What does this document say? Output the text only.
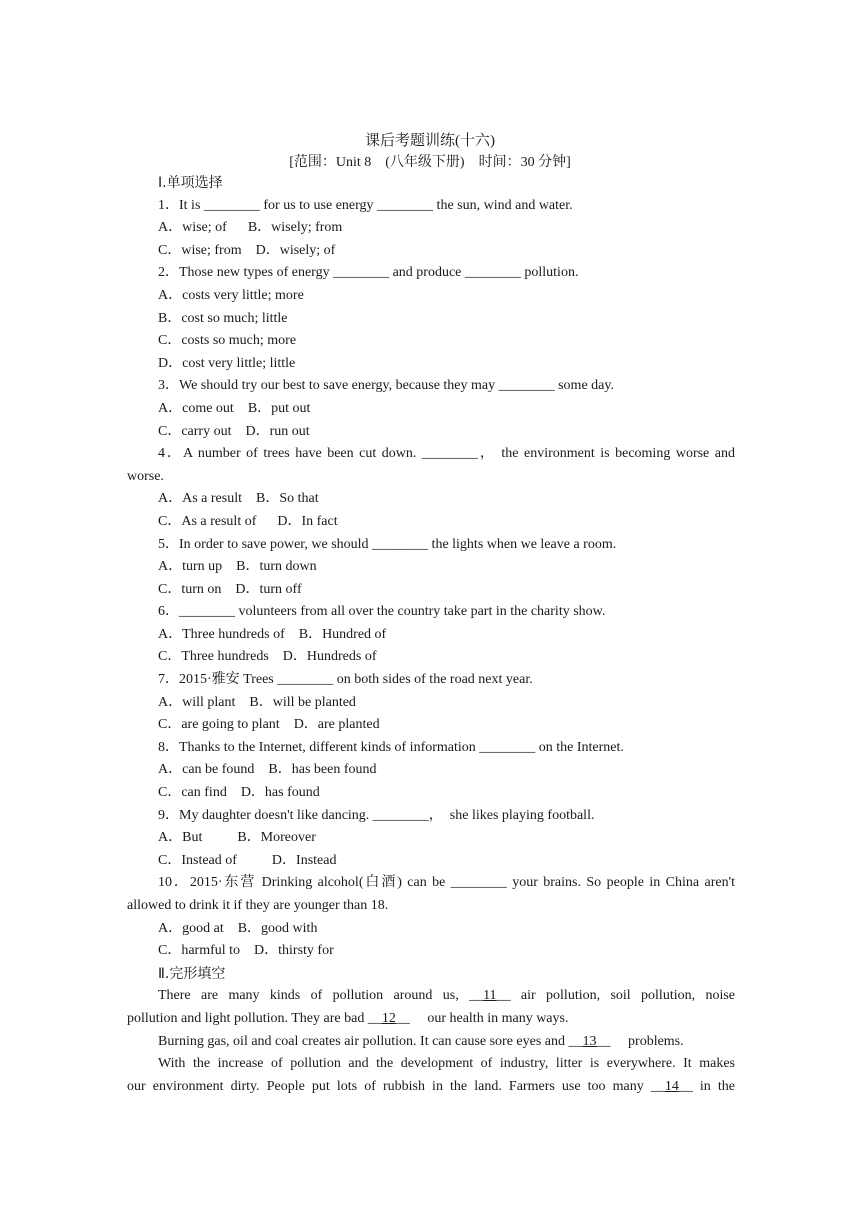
课后考题训练(十六)
[范围：Unit 8　(八年级下册)　时间：30 分钟]
Ⅰ.单项选择
1．It is ________ for us to use energy ________ the sun, wind and water.
A．wise; of      B．wisely; from
C．wise; from    D．wisely; of
2．Those new types of energy ________ and produce ________ pollution.
A．costs very little; more
B．cost so much; little
C．costs so much; more
D．cost very little; little
3．We should try our best to save energy, because they may ________ some day.
A．come out    B．put out
C．carry out    D．run out
4．A number of trees have been cut down. ________， the environment is becoming worse and
worse.
A．As a result    B．So that
C．As a result of      D．In fact
5．In order to save power, we should ________ the lights when we leave a room.
A．turn up    B．turn down
C．turn on    D．turn off
6．________ volunteers from all over the country take part in the charity show.
A．Three hundreds of    B．Hundred of
C．Three hundreds    D．Hundreds of
7．2015·雅安 Trees ________ on both sides of the road next year.
A．will plant    B．will be planted
C．are going to plant    D．are planted
8．Thanks to the Internet, different kinds of information ________ on the Internet.
A．can be found    B．has been found
C．can find    D．has found
9．My daughter doesn't like dancing. ________，  she likes playing football.
A．But          B．Moreover
C．Instead of          D．Instead
10．2015·东营 Drinking alcohol(白酒) can be ________ your brains. So people in China aren't
allowed to drink it if they are younger than 18.
A．good at    B．good with
C．harmful to    D．thirsty for
Ⅱ.完形填空
There are many kinds of pollution around us, __11__ air pollution, soil pollution, noise
pollution and light pollution. They are bad __12__     our health in many ways.
Burning gas, oil and coal creates air pollution. It can cause sore eyes and __13__     problems.
With the increase of pollution and the development of industry, litter is everywhere. It makes
our environment dirty. People put lots of rubbish in the land. Farmers use too many __14__ in the
